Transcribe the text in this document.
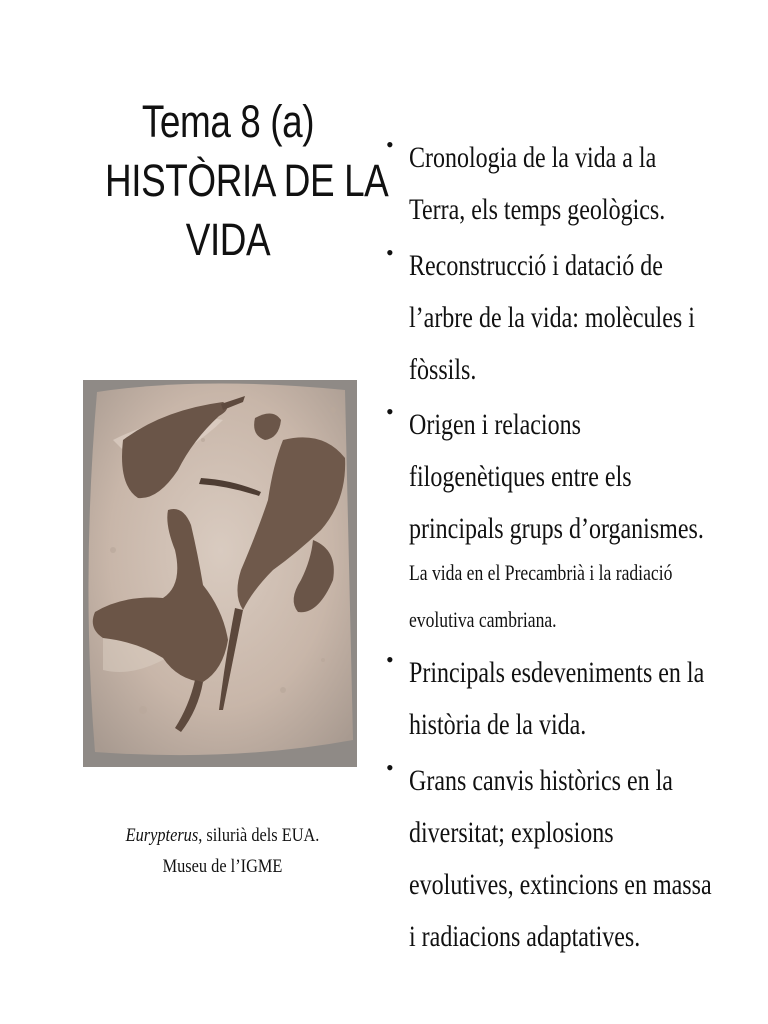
Tema 8 (a)
HISTÒRIA DE LA
VIDA
Eurypterus, silurià dels EUA.
Museu de l’IGME
• Cronologia de la vida a la
Terra, els temps geològics.
• Reconstrucció i datació de
l’arbre de la vida: molècules i
fòssils.
• Origen i relacions
filogenètiques entre els
principals grups d’organismes.
La vida en el Precambrià i la radiació
evolutiva cambriana.
• Principals esdeveniments en la
història de la vida.
• Grans canvis històrics en la
diversitat; explosions
evolutives, extincions en massa
i radiacions adaptatives.
